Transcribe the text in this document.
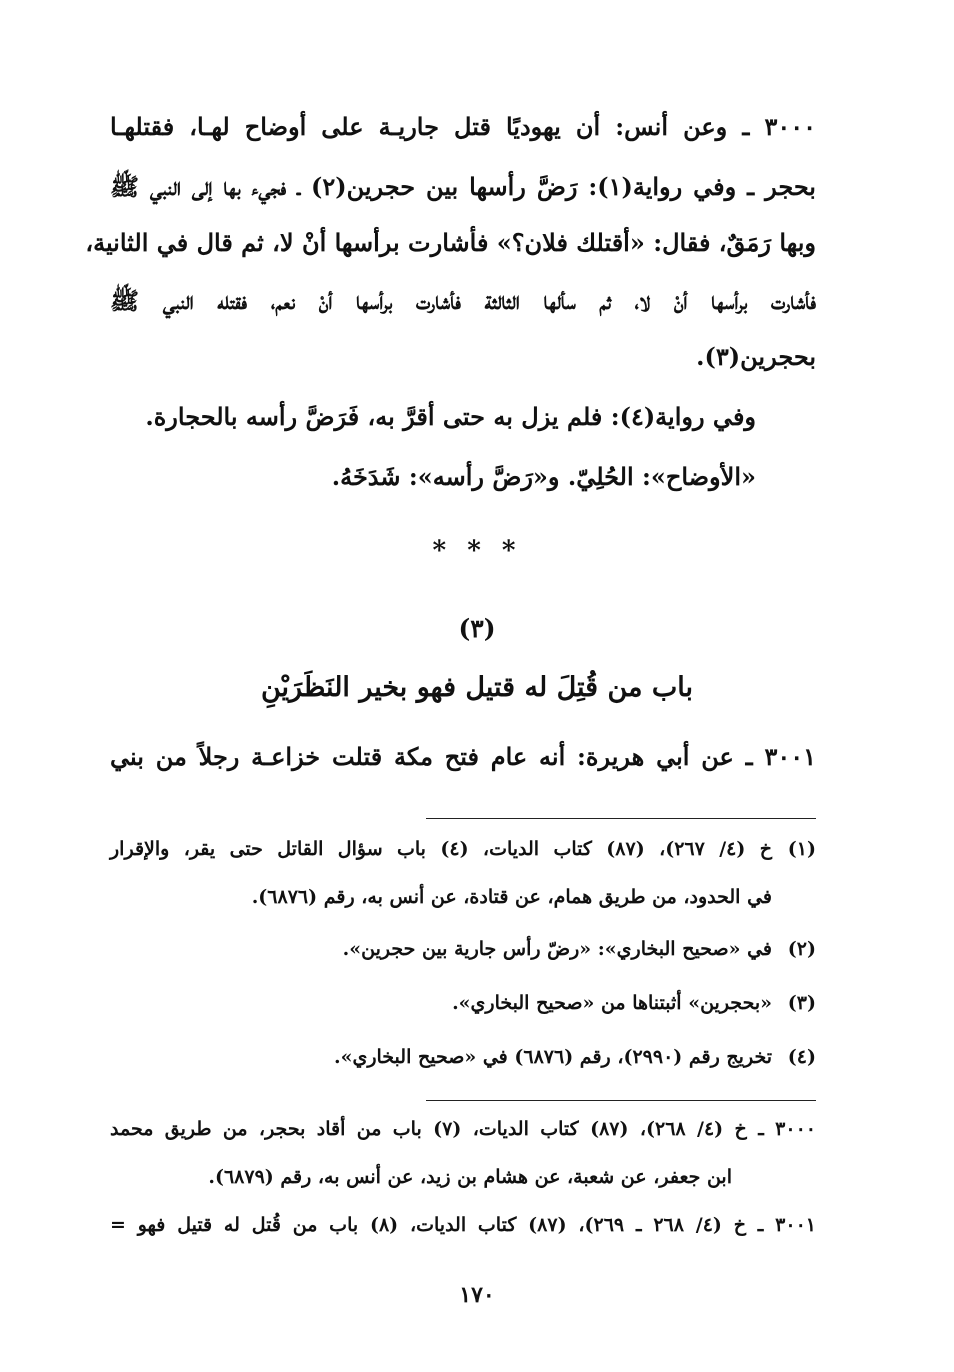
٣٠٠٠ ـ وعن أنس: أن يهوديًا قتل جاريـة على أوضاح لهـا، فقتلهـا
بحجر ـ وفي رواية(١): رَضَّ رأسها بين حجرين(٢) ـ فجيء بها إلى النبي ﷺ
وبها رَمَقٌ، فقال: «أقتلك فلان؟» فأشارت برأسها أنْ لا، ثم قال في الثانية،
فأشارت برأسها أنْ لا، ثم سألها الثالثة فأشارت برأسها أنْ نعم، فقتله النبي ﷺ
بحجرين(٣).
وفي رواية(٤): فلم يزل به حتى أقرَّ به، فَرَضَّ رأسه بالحجارة.
«الأوضاح»: الحُلِيّ. و«رَضَّ رأسه»: شَدَخَهُ.
* * *
(٣)
باب من قُتِلَ له قتيل فهو بخير النَظَرَيْنِ
٣٠٠١ ـ عن أبي هريرة: أنه عام فتح مكة قتلت خزاعـة رجلاً من بني
(١)خ (٤/ ٢٦٧)، (٨٧) كتاب الديات، (٤) باب سؤال القاتل حتى يقر، والإقرار
في الحدود، من طريق همام، عن قتادة، عن أنس به، رقم (٦٨٧٦).
(٢)في «صحيح البخاري»: «رضّ رأس جارية بين حجرين».
(٣)«بحجرين» أثبتناها من «صحيح البخاري».
(٤)تخريج رقم (٢٩٩٠)، رقم (٦٨٧٦) في «صحيح البخاري».
٣٠٠٠ ـ خ (٤/ ٢٦٨)، (٨٧) كتاب الديات، (٧) باب من أقاد بحجر، من طريق محمد
ابن جعفر، عن شعبة، عن هشام بن زيد، عن أنس به، رقم (٦٨٧٩).
٣٠٠١ ـ خ (٤/ ٢٦٨ ـ ٢٦٩)، (٨٧) كتاب الديات، (٨) باب من قُتل له قتيل فهو =
١٧٠
